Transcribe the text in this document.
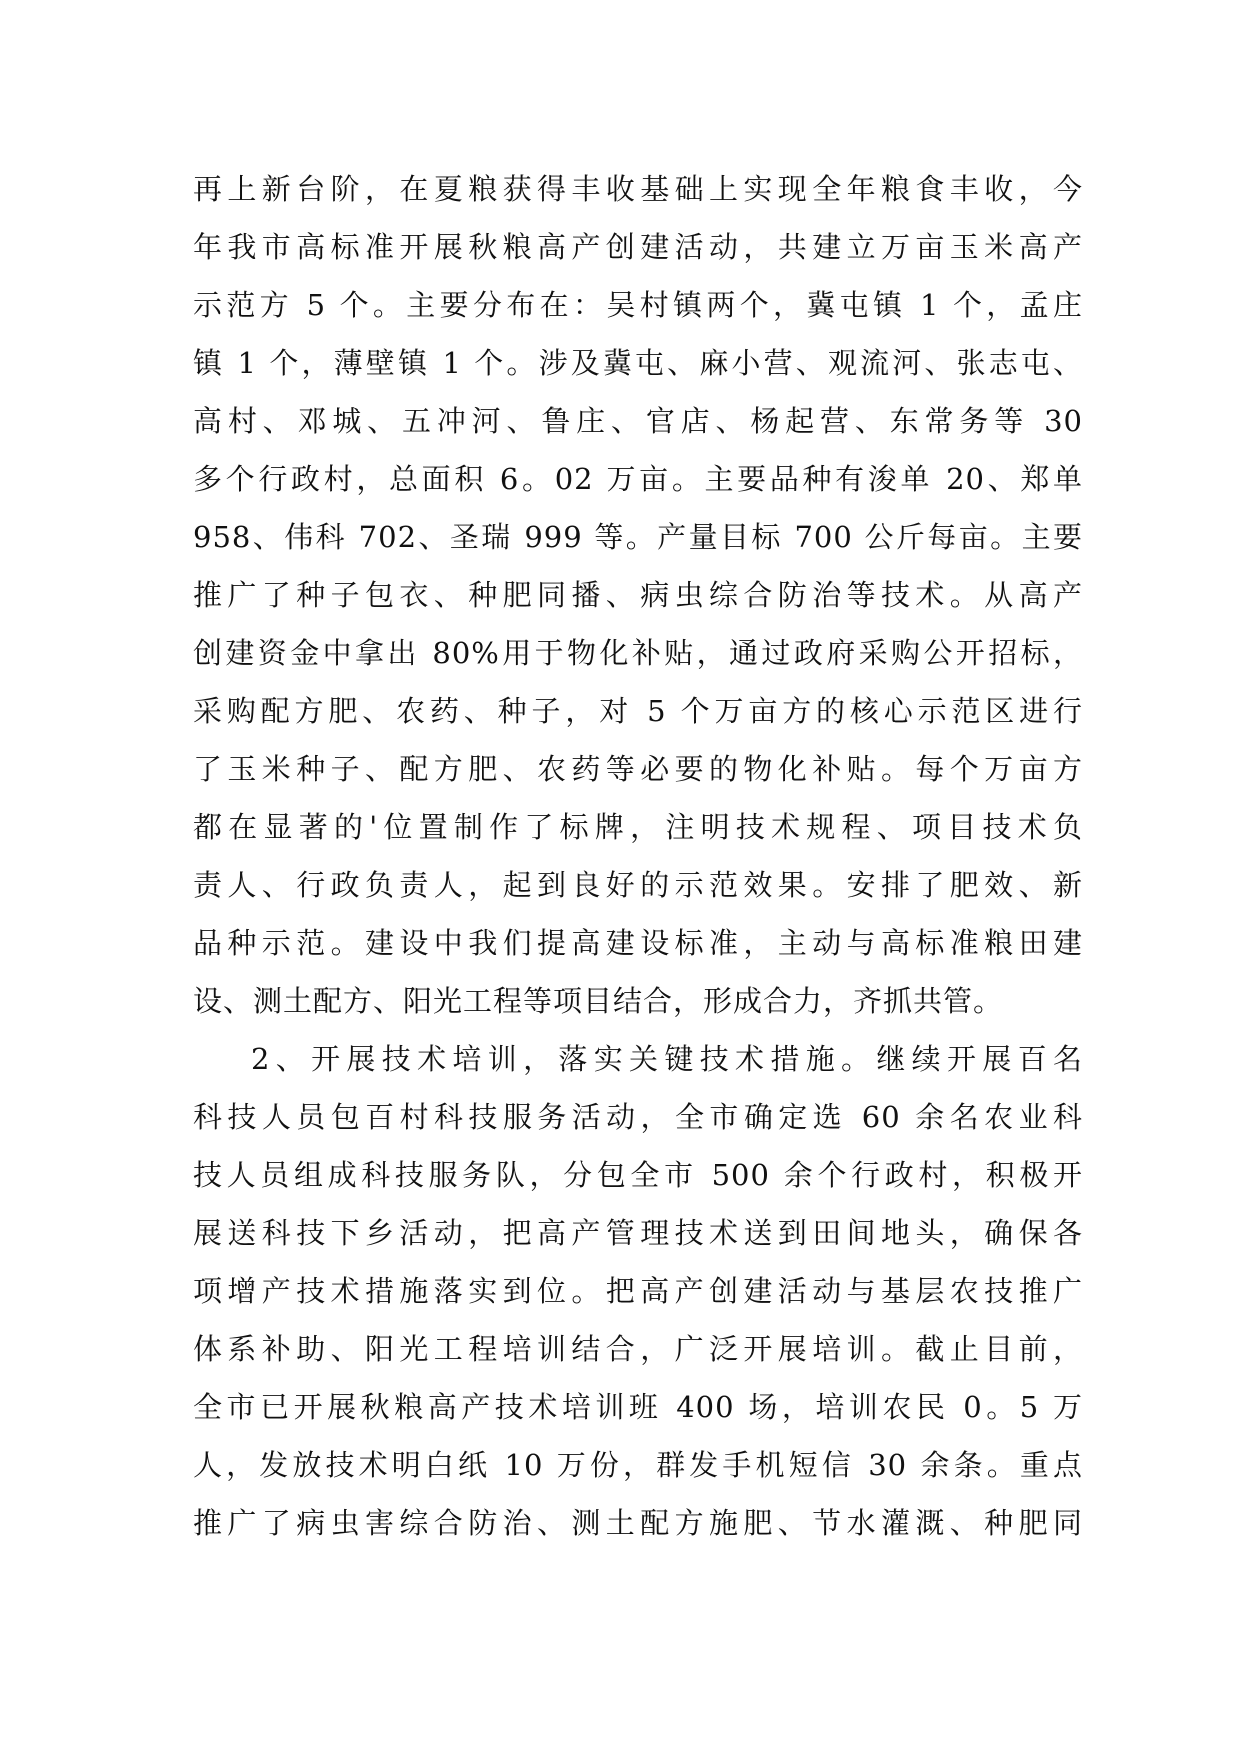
再上新台阶，在夏粮获得丰收基础上实现全年粮食丰收，今
年我市高标准开展秋粮高产创建活动，共建立万亩玉米高产
示范方 5 个。主要分布在：吴村镇两个，冀屯镇 1 个，孟庄
镇 1 个，薄壁镇 1 个。涉及冀屯、麻小营、观流河、张志屯、
高村、邓城、五冲河、鲁庄、官店、杨起营、东常务等 30
多个行政村，总面积 6。02 万亩。主要品种有浚单 20、郑单
958、伟科 702、圣瑞 999 等。产量目标 700 公斤每亩。主要
推广了种子包衣、种肥同播、病虫综合防治等技术。从高产
创建资金中拿出 80%用于物化补贴，通过政府采购公开招标，
采购配方肥、农药、种子，对 5 个万亩方的核心示范区进行
了玉米种子、配方肥、农药等必要的物化补贴。每个万亩方
都在显著的'位置制作了标牌，注明技术规程、项目技术负
责人、行政负责人，起到良好的示范效果。安排了肥效、新
品种示范。建设中我们提高建设标准，主动与高标准粮田建
设、测土配方、阳光工程等项目结合，形成合力，齐抓共管。
2、开展技术培训，落实关键技术措施。继续开展百名
科技人员包百村科技服务活动，全市确定选 60 余名农业科
技人员组成科技服务队，分包全市 500 余个行政村，积极开
展送科技下乡活动，把高产管理技术送到田间地头，确保各
项增产技术措施落实到位。把高产创建活动与基层农技推广
体系补助、阳光工程培训结合，广泛开展培训。截止目前，
全市已开展秋粮高产技术培训班 400 场，培训农民 0。5 万
人，发放技术明白纸 10 万份，群发手机短信 30 余条。重点
推广了病虫害综合防治、测土配方施肥、节水灌溉、种肥同
